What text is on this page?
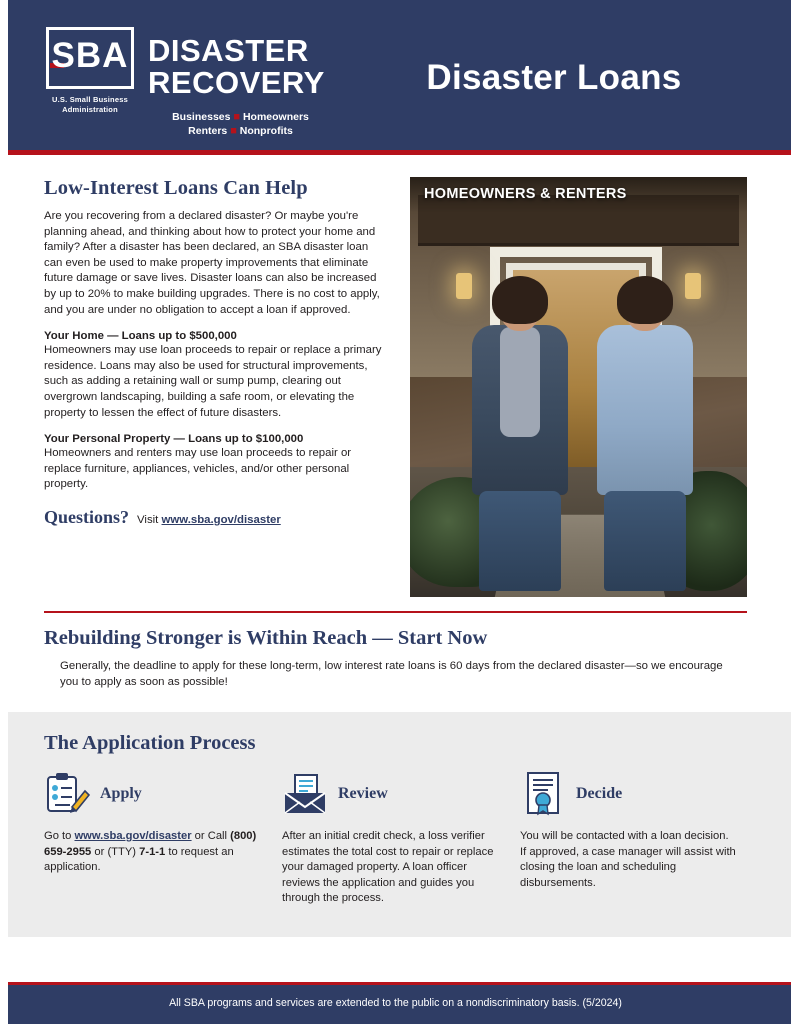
SBA
U.S. Small Business
Administration
DISASTER
RECOVERY
Businesses ■ Homeowners
Renters ■ Nonprofits
Disaster Loans
Low-Interest Loans Can Help

Are you recovering from a declared disaster? Or maybe you're planning ahead, and thinking about how to protect your home and family? After a disaster has been declared, an SBA disaster loan can even be used to make property improvements that eliminate future damage or save lives. Disaster loans can also be increased by up to 20% to make building upgrades. There is no cost to apply, and you are under no obligation to accept a loan if approved.

Your Home — Loans up to $500,000

Homeowners may use loan proceeds to repair or replace a primary residence. Loans may also be used for structural improvements, such as adding a retaining wall or sump pump, clearing out overgrown landscaping, building a safe room, or elevating the property to lessen the effect of future disasters.

Your Personal Property — Loans up to $100,000

Homeowners and renters may use loan proceeds to repair or replace furniture, appliances, vehicles, and/or other personal property.

Questions? Visit www.sba.gov/disaster
HOMEOWNERS & RENTERS
Rebuilding Stronger is Within Reach — Start Now

Generally, the deadline to apply for these long-term, low interest rate loans is 60 days from the declared disaster—so we encourage you to apply as soon as possible!

The Application Process
Apply
Go to www.sba.gov/disaster or Call (800) 659-2955 or (TTY) 7-1-1 to request an application.
Review
After an initial credit check, a loss verifier estimates the total cost to repair or replace your damaged property. A loan officer reviews the application and guides you through the process.
Decide
You will be contacted with a loan decision. If approved, a case manager will assist with closing the loan and scheduling disbursements.
All SBA programs and services are extended to the public on a nondiscriminatory basis. (5/2024)
